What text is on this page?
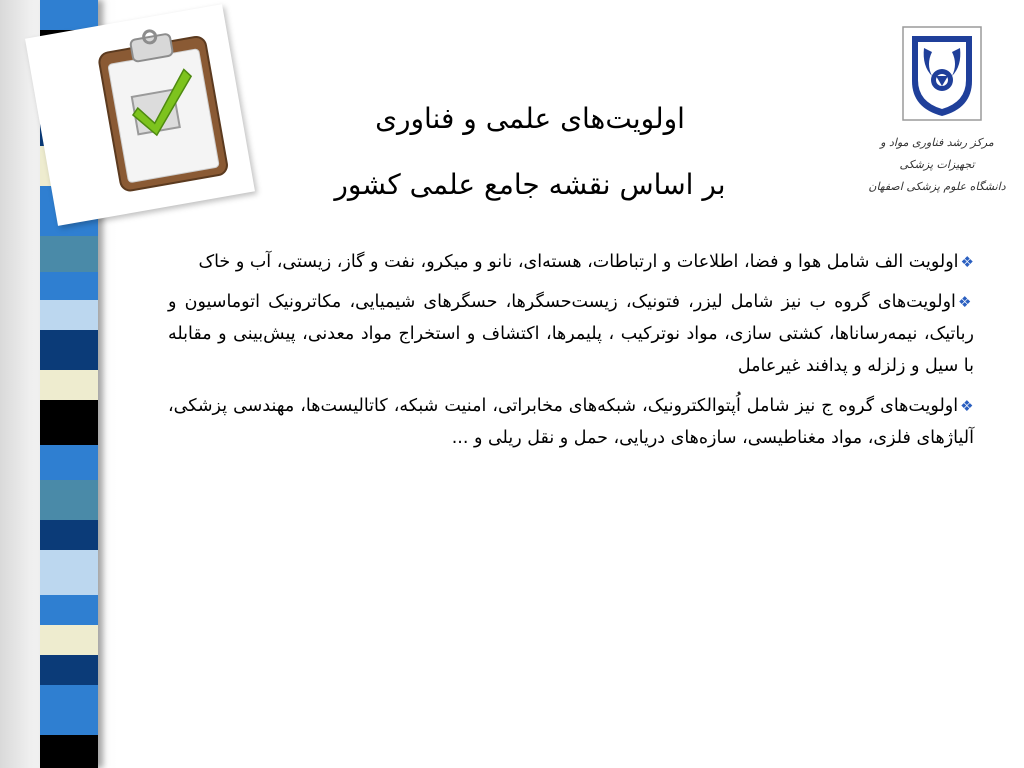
مرکز رشد فناوری مواد و تجهیزات پزشکی
دانشگاه علوم پزشکی اصفهان
اولویت‌های علمی و فناوری
بر اساس نقشه جامع علمی کشور
❖اولویت الف شامل هوا و فضا، اطلاعات و ارتباطات، هسته‌ای، نانو و میکرو، نفت و گاز، زیستی، آب و خاک
❖اولویت‌های گروه ب نیز شامل لیزر، فتونیک، زیست‌حسگرها، حسگرهای شیمیایی، مکاترونیک اتوماسیون و رباتیک، نیمه‌رساناها، کشتی سازی، مواد نوترکیب ، پلیمرها، اکتشاف و استخراج مواد معدنی، پیش‌بینی و مقابله با سیل و زلزله و پدافند غیرعامل
❖اولویت‌های گروه ج نیز شامل اُپتوالکترونیک، شبکه‌های مخابراتی، امنیت شبکه، کاتالیست‌ها، مهندسی پزشکی، آلیاژهای فلزی، مواد مغناطیسی، سازه‌های دریایی، حمل و نقل ریلی و ...
